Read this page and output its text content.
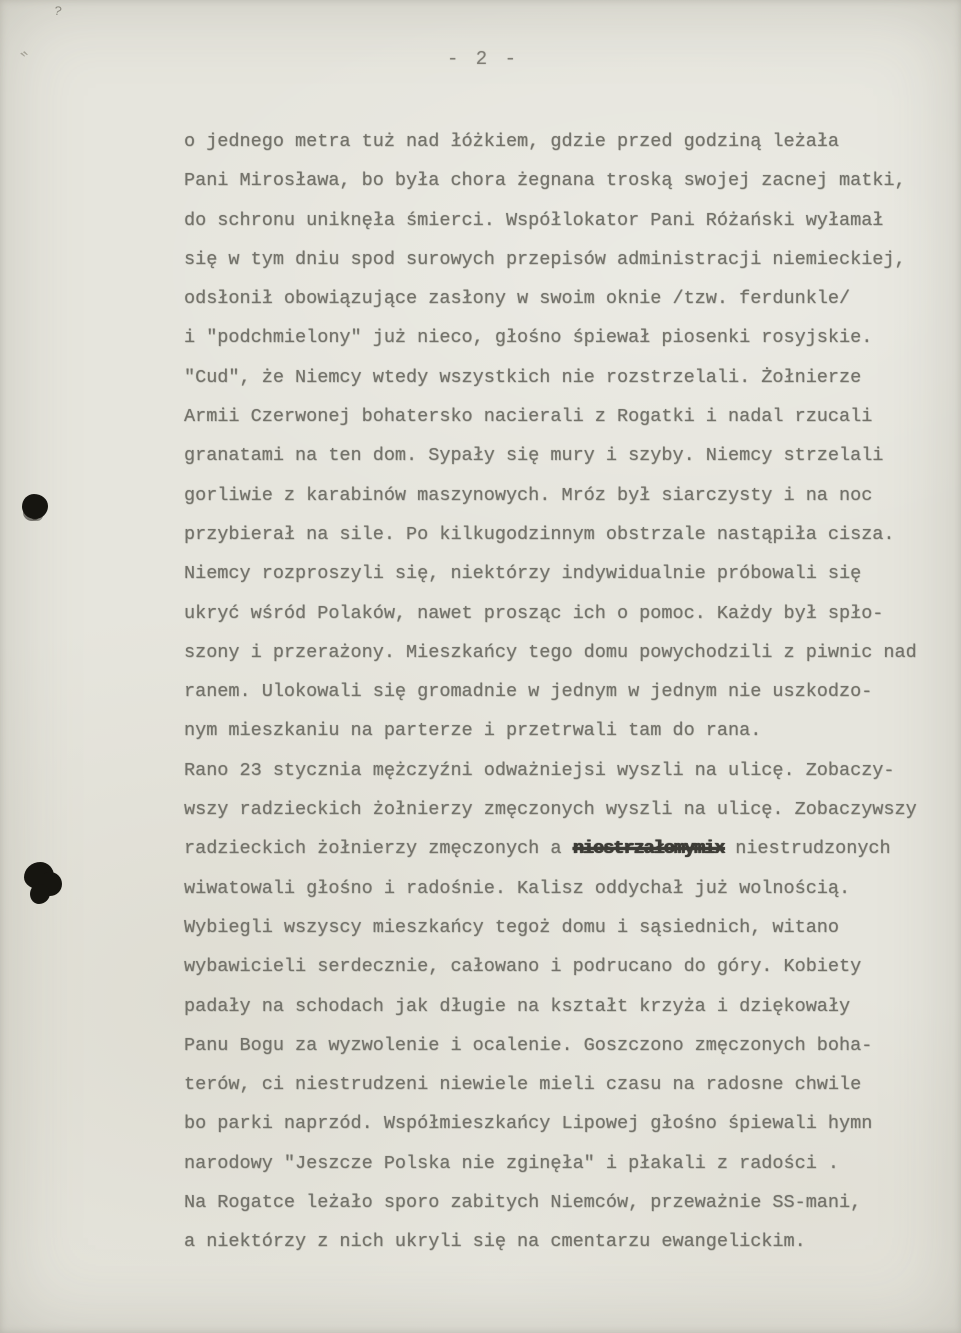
?
‟	- 2 -
o jednego metra tuż nad łóżkiem, gdzie przed godziną leżała
Pani Mirosława, bo była chora żegnana troską swojej zacnej matki,
do schronu uniknęła śmierci. Współlokator Pani Różański wyłamał
się w tym dniu spod surowych przepisów administracji niemieckiej,
odsłonił obowiązujące zasłony w swoim oknie /tzw. ferdunkle/
i "podchmielony" już nieco, głośno śpiewał piosenki rosyjskie.
"Cud", że Niemcy wtedy wszystkich nie rozstrzelali. Żołnierze
Armii Czerwonej bohatersko nacierali z Rogatki i nadal rzucali
granatami na ten dom. Sypały się mury i szyby. Niemcy strzelali
gorliwie z karabinów maszynowych. Mróz był siarczysty i na noc
przybierał na sile. Po kilkugodzinnym obstrzale nastąpiła cisza.
Niemcy rozproszyli się, niektórzy indywidualnie próbowali się
ukryć wśród Polaków, nawet prosząc ich o pomoc. Każdy był spło-
szony i przerażony. Mieszkańcy tego domu powychodzili z piwnic nad
ranem. Ulokowali się gromadnie w jednym w jednym nie uszkodzo-
nym mieszkaniu na parterze i przetrwali tam do rana.
Rano 23 stycznia mężczyźni odważniejsi wyszli na ulicę. Zobaczy-
wszy radzieckich żołnierzy zmęczonych wyszli na ulicę. Zobaczywszy
radzieckich żołnierzy zmęczonych a niestrzałomymix niestrudzonych
wiwatowali głośno i radośnie. Kalisz oddychał już wolnością.
Wybiegli wszyscy mieszkańcy tegoż domu i sąsiednich, witano
wybawicieli serdecznie, całowano i podrucano do góry. Kobiety
padały na schodach jak długie na kształt krzyża i dziękowały
Panu Bogu za wyzwolenie i ocalenie. Goszczono zmęczonych boha-
terów, ci niestrudzeni niewiele mieli czasu na radosne chwile
bo parki naprzód. Współmieszkańcy Lipowej głośno śpiewali hymn
narodowy "Jeszcze Polska nie zginęła" i płakali z radości .
Na Rogatce leżało sporo zabitych Niemców, przeważnie SS-mani,
a niektórzy z nich ukryli się na cmentarzu ewangelickim.
